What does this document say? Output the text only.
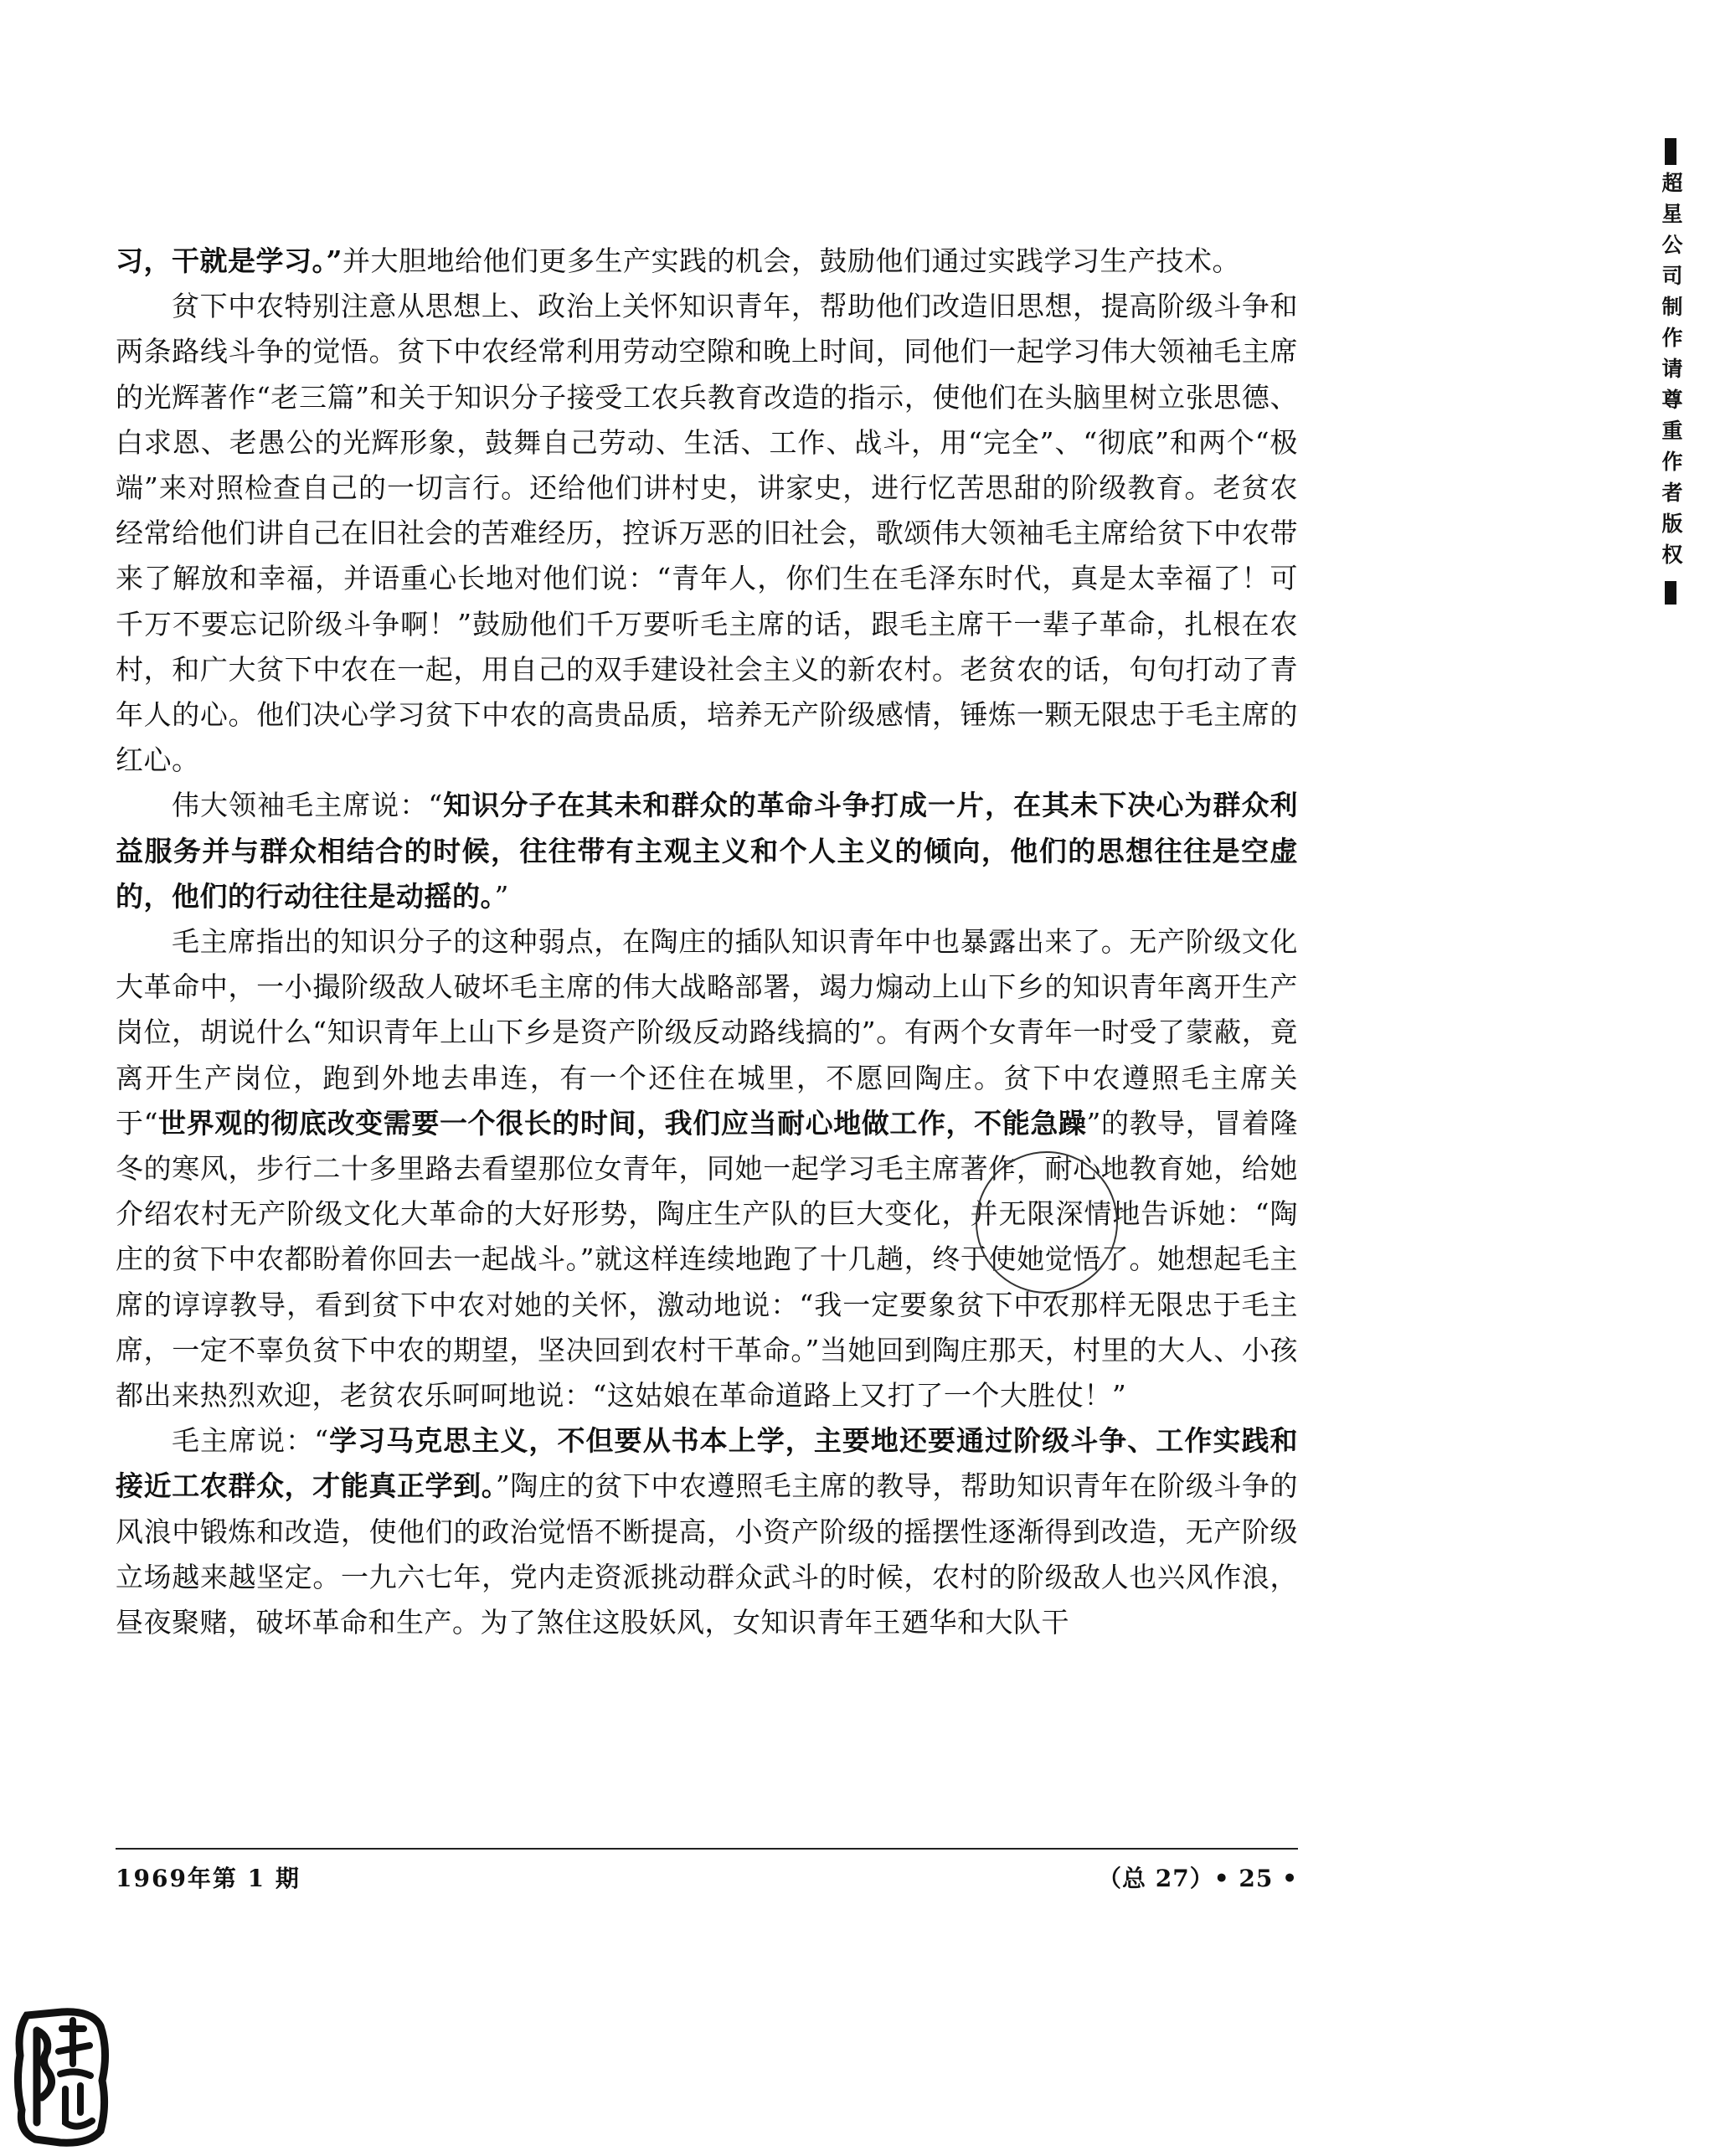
习，干就是学习。”并大胆地给他们更多生产实践的机会，鼓励他们通过实践学习生产技术。

贫下中农特别注意从思想上、政治上关怀知识青年，帮助他们改造旧思想，提高阶级斗争和两条路线斗争的觉悟。贫下中农经常利用劳动空隙和晚上时间，同他们一起学习伟大领袖毛主席的光辉著作“老三篇”和关于知识分子接受工农兵教育改造的指示，使他们在头脑里树立张思德、白求恩、老愚公的光辉形象，鼓舞自己劳动、生活、工作、战斗，用“完全”、“彻底”和两个“极端”来对照检查自己的一切言行。还给他们讲村史，讲家史，进行忆苦思甜的阶级教育。老贫农经常给他们讲自己在旧社会的苦难经历，控诉万恶的旧社会，歌颂伟大领袖毛主席给贫下中农带来了解放和幸福，并语重心长地对他们说：“青年人，你们生在毛泽东时代，真是太幸福了！可千万不要忘记阶级斗争啊！”鼓励他们千万要听毛主席的话，跟毛主席干一辈子革命，扎根在农村，和广大贫下中农在一起，用自己的双手建设社会主义的新农村。老贫农的话，句句打动了青年人的心。他们决心学习贫下中农的高贵品质，培养无产阶级感情，锤炼一颗无限忠于毛主席的红心。

伟大领袖毛主席说：“知识分子在其未和群众的革命斗争打成一片，在其未下决心为群众利益服务并与群众相结合的时候，往往带有主观主义和个人主义的倾向，他们的思想往往是空虚的，他们的行动往往是动摇的。”

毛主席指出的知识分子的这种弱点，在陶庄的插队知识青年中也暴露出来了。无产阶级文化大革命中，一小撮阶级敌人破坏毛主席的伟大战略部署，竭力煽动上山下乡的知识青年离开生产岗位，胡说什么“知识青年上山下乡是资产阶级反动路线搞的”。有两个女青年一时受了蒙蔽，竟离开生产岗位，跑到外地去串连，有一个还住在城里，不愿回陶庄。贫下中农遵照毛主席关于“世界观的彻底改变需要一个很长的时间，我们应当耐心地做工作，不能急躁”的教导，冒着隆冬的寒风，步行二十多里路去看望那位女青年，同她一起学习毛主席著作，耐心地教育她，给她介绍农村无产阶级文化大革命的大好形势，陶庄生产队的巨大变化，并无限深情地告诉她：“陶庄的贫下中农都盼着你回去一起战斗。”就这样连续地跑了十几趟，终于使她觉悟了。她想起毛主席的谆谆教导，看到贫下中农对她的关怀，激动地说：“我一定要象贫下中农那样无限忠于毛主席，一定不辜负贫下中农的期望，坚决回到农村干革命。”当她回到陶庄那天，村里的大人、小孩都出来热烈欢迎，老贫农乐呵呵地说：“这姑娘在革命道路上又打了一个大胜仗！”

毛主席说：“学习马克思主义，不但要从书本上学，主要地还要通过阶级斗争、工作实践和接近工农群众，才能真正学到。”陶庄的贫下中农遵照毛主席的教导，帮助知识青年在阶级斗争的风浪中锻炼和改造，使他们的政治觉悟不断提高，小资产阶级的摇摆性逐渐得到改造，无产阶级立场越来越坚定。一九六七年，党内走资派挑动群众武斗的时候，农村的阶级敌人也兴风作浪，昼夜聚赌，破坏革命和生产。为了煞住这股妖风，女知识青年王廼华和大队干

1969年第 1 期	（总 27）• 25 •
超星公司制作请尊重作者版权
